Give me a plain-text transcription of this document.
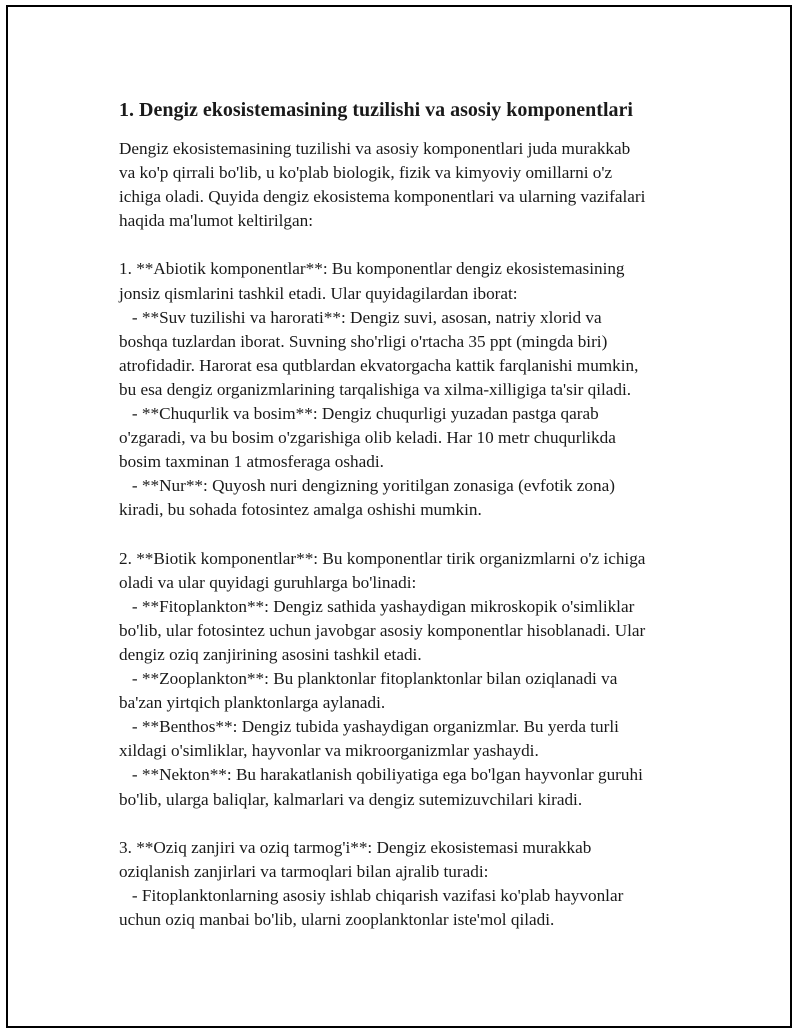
1. Dengiz ekosistemasining tuzilishi va asosiy komponentlari
Dengiz ekosistemasining tuzilishi va asosiy komponentlari juda murakkab
va ko'p qirrali bo'lib, u ko'plab biologik, fizik va kimyoviy omillarni o'z
ichiga oladi. Quyida dengiz ekosistema komponentlari va ularning vazifalari
haqida ma'lumot keltirilgan:
1. **Abiotik komponentlar**: Bu komponentlar dengiz ekosistemasining
jonsiz qismlarini tashkil etadi. Ular quyidagilardan iborat:
- **Suv tuzilishi va harorati**: Dengiz suvi, asosan, natriy xlorid va
boshqa tuzlardan iborat. Suvning sho'rligi o'rtacha 35 ppt (mingda biri)
atrofidadir. Harorat esa qutblardan ekvatorgacha kattik farqlanishi mumkin,
bu esa dengiz organizmlarining tarqalishiga va xilma-xilligiga ta'sir qiladi.
- **Chuqurlik va bosim**: Dengiz chuqurligi yuzadan pastga qarab
o'zgaradi, va bu bosim o'zgarishiga olib keladi. Har 10 metr chuqurlikda
bosim taxminan 1 atmosferaga oshadi.
- **Nur**: Quyosh nuri dengizning yoritilgan zonasiga (evfotik zona)
kiradi, bu sohada fotosintez amalga oshishi mumkin.
2. **Biotik komponentlar**: Bu komponentlar tirik organizmlarni o'z ichiga
oladi va ular quyidagi guruhlarga bo'linadi:
- **Fitoplankton**: Dengiz sathida yashaydigan mikroskopik o'simliklar
bo'lib, ular fotosintez uchun javobgar asosiy komponentlar hisoblanadi. Ular
dengiz oziq zanjirining asosini tashkil etadi.
- **Zooplankton**: Bu planktonlar fitoplanktonlar bilan oziqlanadi va
ba'zan yirtqich planktonlarga aylanadi.
- **Benthos**: Dengiz tubida yashaydigan organizmlar. Bu yerda turli
xildagi o'simliklar, hayvonlar va mikroorganizmlar yashaydi.
- **Nekton**: Bu harakatlanish qobiliyatiga ega bo'lgan hayvonlar guruhi
bo'lib, ularga baliqlar, kalmarlari va dengiz sutemizuvchilari kiradi.
3. **Oziq zanjiri va oziq tarmog'i**: Dengiz ekosistemasi murakkab
oziqlanish zanjirlari va tarmoqlari bilan ajralib turadi:
- Fitoplanktonlarning asosiy ishlab chiqarish vazifasi ko'plab hayvonlar
uchun oziq manbai bo'lib, ularni zooplanktonlar iste'mol qiladi.
